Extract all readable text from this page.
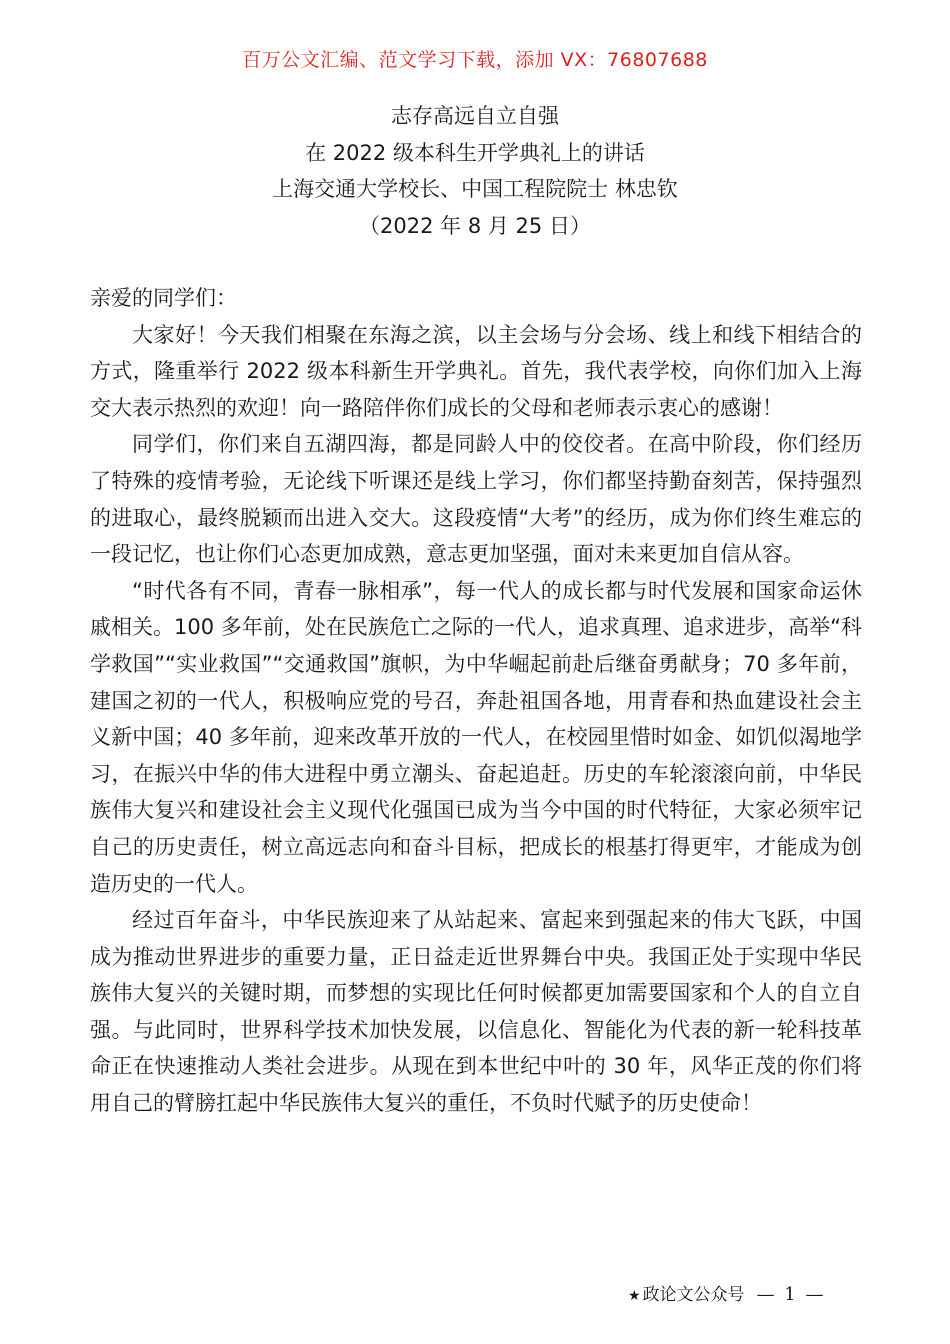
百万公文汇编、范文学习下载，添加 VX：76807688
志存高远自立自强
在 2022 级本科生开学典礼上的讲话
上海交通大学校长、中国工程院院士 林忠钦
（2022 年 8 月 25 日）

亲爱的同学们：

大家好！今天我们相聚在东海之滨，以主会场与分会场、线上和线下相结合的方式，隆重举行 2022 级本科新生开学典礼。首先，我代表学校，向你们加入上海交大表示热烈的欢迎！向一路陪伴你们成长的父母和老师表示衷心的感谢！

同学们，你们来自五湖四海，都是同龄人中的佼佼者。在高中阶段，你们经历了特殊的疫情考验，无论线下听课还是线上学习，你们都坚持勤奋刻苦，保持强烈的进取心，最终脱颖而出进入交大。这段疫情“大考”的经历，成为你们终生难忘的一段记忆，也让你们心态更加成熟，意志更加坚强，面对未来更加自信从容。

“时代各有不同，青春一脉相承”，每一代人的成长都与时代发展和国家命运休戚相关。100 多年前，处在民族危亡之际的一代人，追求真理、追求进步，高举“科学救国”“实业救国”“交通救国”旗帜，为中华崛起前赴后继奋勇献身；70 多年前，建国之初的一代人，积极响应党的号召，奔赴祖国各地，用青春和热血建设社会主义新中国；40 多年前，迎来改革开放的一代人，在校园里惜时如金、如饥似渴地学习，在振兴中华的伟大进程中勇立潮头、奋起追赶。历史的车轮滚滚向前，中华民族伟大复兴和建设社会主义现代化强国已成为当今中国的时代特征，大家必须牢记自己的历史责任，树立高远志向和奋斗目标，把成长的根基打得更牢，才能成为创造历史的一代人。

经过百年奋斗，中华民族迎来了从站起来、富起来到强起来的伟大飞跃，中国成为推动世界进步的重要力量，正日益走近世界舞台中央。我国正处于实现中华民族伟大复兴的关键时期，而梦想的实现比任何时候都更加需要国家和个人的自立自强。与此同时，世界科学技术加快发展，以信息化、智能化为代表的新一轮科技革命正在快速推动人类社会进步。从现在到本世纪中叶的 30 年，风华正茂的你们将用自己的臂膀扛起中华民族伟大复兴的重任，不负时代赋予的历史使命！

★ 政论文公众号 — 1 —
